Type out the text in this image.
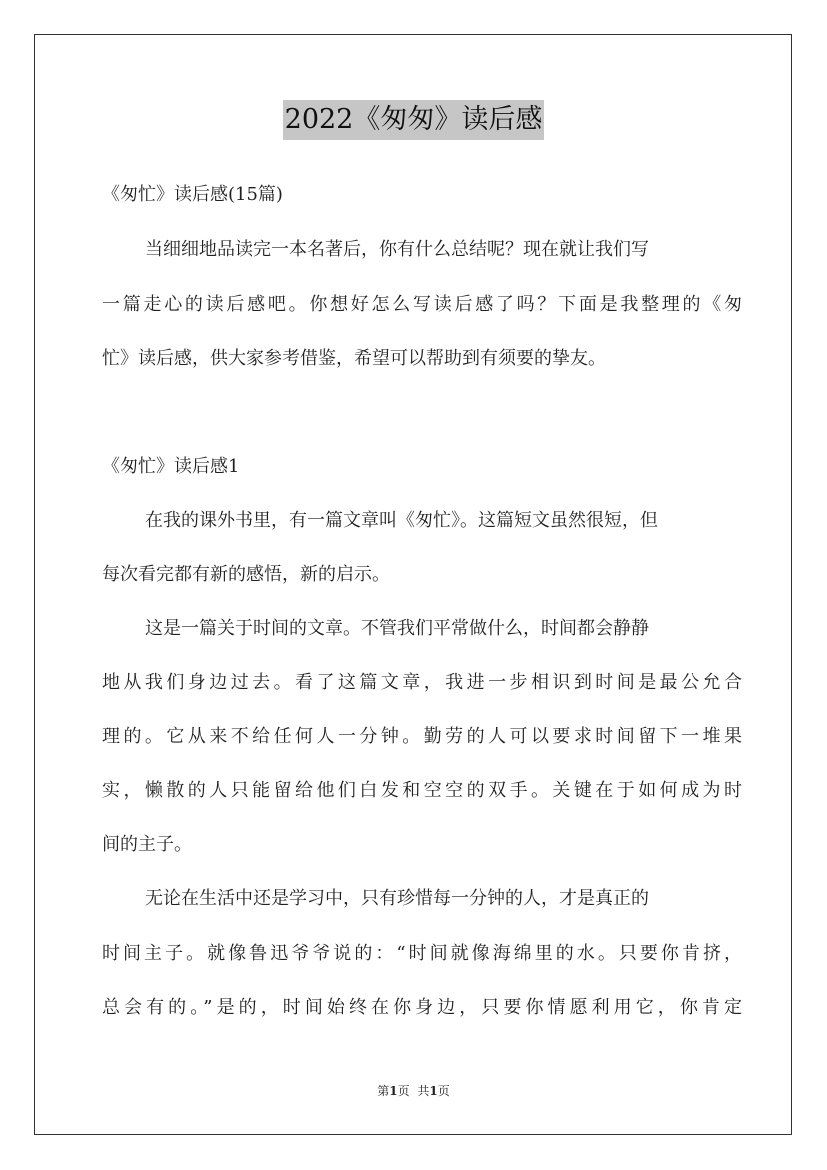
2022《匆匆》读后感
《匆忙》读后感(15篇)
当细细地品读完一本名著后，你有什么总结呢？现在就让我们写
一篇走心的读后感吧。你想好怎么写读后感了吗？下面是我整理的《匆
忙》读后感，供大家参考借鉴，希望可以帮助到有须要的挚友。
《匆忙》读后感1
在我的课外书里，有一篇文章叫《匆忙》。这篇短文虽然很短，但
每次看完都有新的感悟，新的启示。
这是一篇关于时间的文章。不管我们平常做什么，时间都会静静
地从我们身边过去。看了这篇文章，我进一步相识到时间是最公允合
理的。它从来不给任何人一分钟。勤劳的人可以要求时间留下一堆果
实，懒散的人只能留给他们白发和空空的双手。关键在于如何成为时
间的主子。
无论在生活中还是学习中，只有珍惜每一分钟的人，才是真正的
时间主子。就像鲁迅爷爷说的：“时间就像海绵里的水。只要你肯挤，
总会有的。”是的，时间始终在你身边，只要你情愿利用它，你肯定
第1页 共1页
